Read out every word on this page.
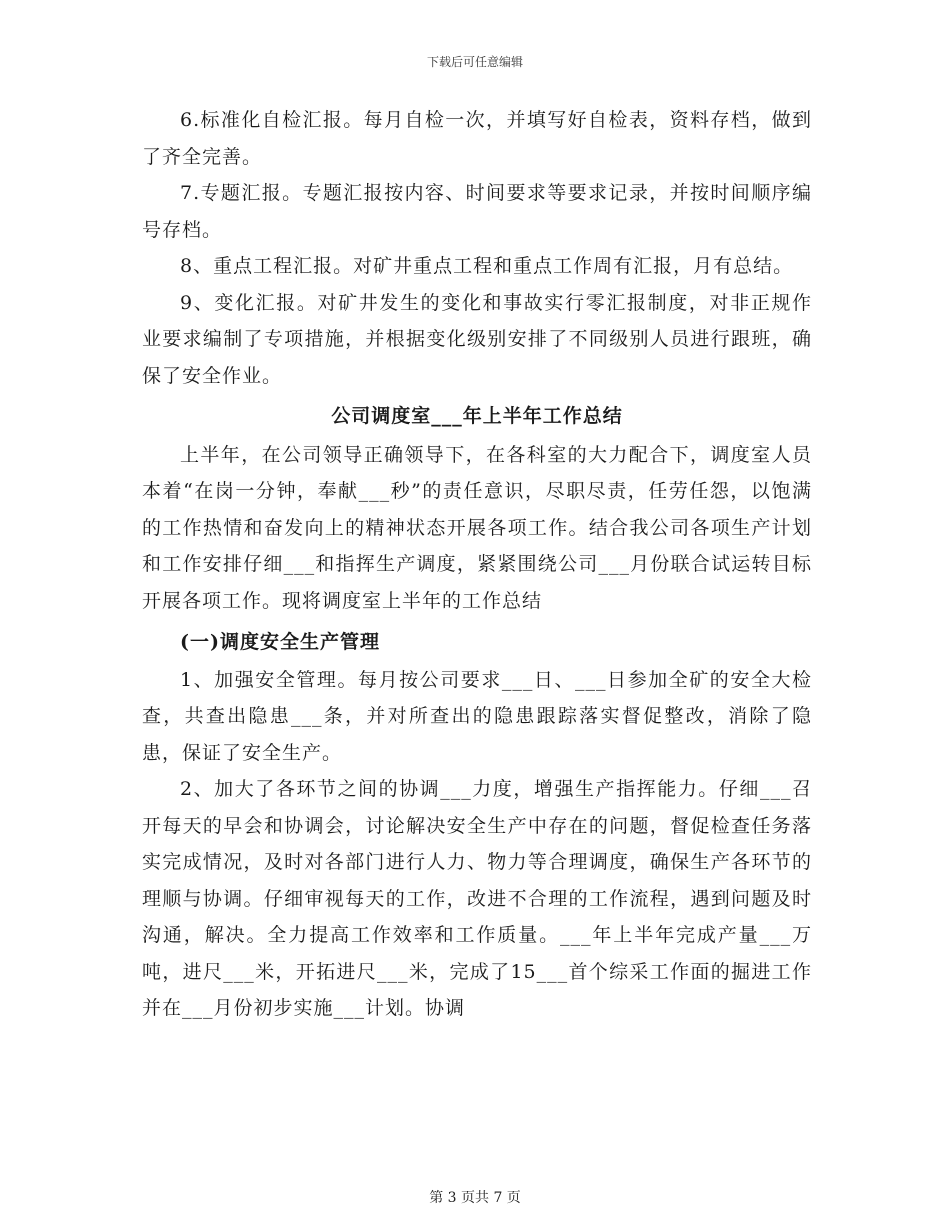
下载后可任意编辑

6.标准化自检汇报。每月自检一次，并填写好自检表，资料存档，做到了齐全完善。

7.专题汇报。专题汇报按内容、时间要求等要求记录，并按时间顺序编号存档。

8、重点工程汇报。对矿井重点工程和重点工作周有汇报，月有总结。

9、变化汇报。对矿井发生的变化和事故实行零汇报制度，对非正规作业要求编制了专项措施，并根据变化级别安排了不同级别人员进行跟班，确保了安全作业。

公司调度室___年上半年工作总结

上半年，在公司领导正确领导下，在各科室的大力配合下，调度室人员本着“在岗一分钟，奉献___秒”的责任意识，尽职尽责，任劳任怨，以饱满的工作热情和奋发向上的精神状态开展各项工作。结合我公司各项生产计划和工作安排仔细___和指挥生产调度，紧紧围绕公司___月份联合试运转目标开展各项工作。现将调度室上半年的工作总结

(一)调度安全生产管理

1、加强安全管理。每月按公司要求___日、___日参加全矿的安全大检查，共查出隐患___条，并对所查出的隐患跟踪落实督促整改，消除了隐患，保证了安全生产。

2、加大了各环节之间的协调___力度，增强生产指挥能力。仔细___召开每天的早会和协调会，讨论解决安全生产中存在的问题，督促检查任务落实完成情况，及时对各部门进行人力、物力等合理调度，确保生产各环节的理顺与协调。仔细审视每天的工作，改进不合理的工作流程，遇到问题及时沟通，解决。全力提高工作效率和工作质量。___年上半年完成产量___万吨，进尺___米，开拓进尺___米，完成了15___首个综采工作面的掘进工作并在___月份初步实施___计划。协调

第 3 页共 7 页
